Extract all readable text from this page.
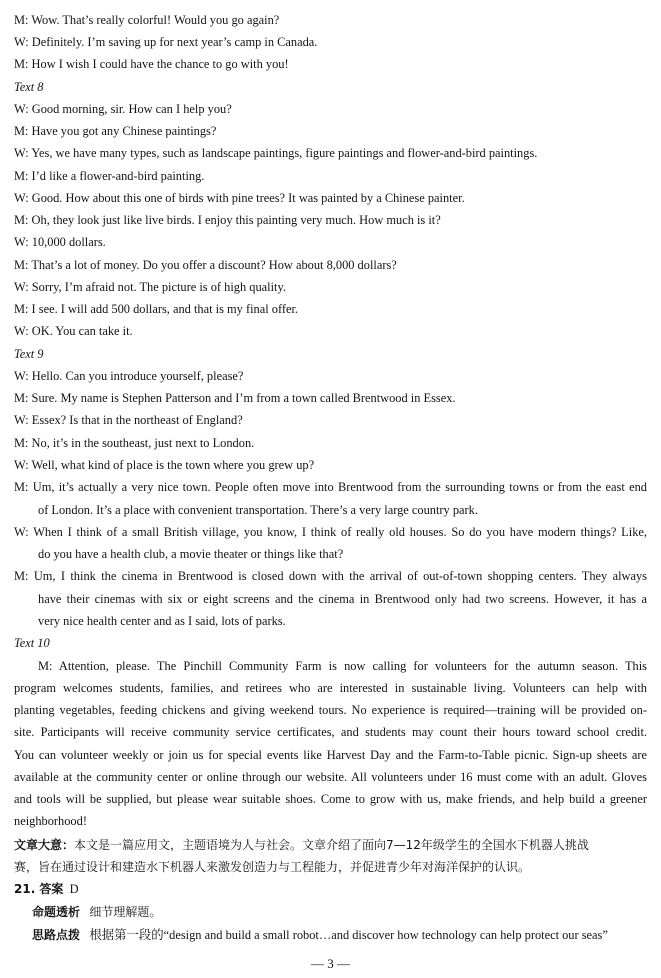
M: Wow. That’s really colorful! Would you go again?
W: Definitely. I’m saving up for next year’s camp in Canada.
M: How I wish I could have the chance to go with you!
Text 8
W: Good morning, sir. How can I help you?
M: Have you got any Chinese paintings?
W: Yes, we have many types, such as landscape paintings, figure paintings and flower-and-bird paintings.
M: I’d like a flower-and-bird painting.
W: Good. How about this one of birds with pine trees? It was painted by a Chinese painter.
M: Oh, they look just like live birds. I enjoy this painting very much. How much is it?
W: 10,000 dollars.
M: That’s a lot of money. Do you offer a discount? How about 8,000 dollars?
W: Sorry, I’m afraid not. The picture is of high quality.
M: I see. I will add 500 dollars, and that is my final offer.
W: OK. You can take it.
Text 9
W: Hello. Can you introduce yourself, please?
M: Sure. My name is Stephen Patterson and I’m from a town called Brentwood in Essex.
W: Essex? Is that in the northeast of England?
M: No, it’s in the southeast, just next to London.
W: Well, what kind of place is the town where you grew up?
M: Um, it’s actually a very nice town. People often move into Brentwood from the surrounding towns or from the east end
of London. It’s a place with convenient transportation. There’s a very large country park.
W: When I think of a small British village, you know, I think of really old houses. So do you have modern things? Like,
do you have a health club, a movie theater or things like that?
M: Um, I think the cinema in Brentwood is closed down with the arrival of out-of-town shopping centers. They always
have their cinemas with six or eight screens and the cinema in Brentwood only had two screens. However, it has a
very nice health center and as I said, lots of parks.
Text 10
M: Attention, please. The Pinchill Community Farm is now calling for volunteers for the autumn season. This
program welcomes students, families, and retirees who are interested in sustainable living. Volunteers can help with
planting vegetables, feeding chickens and giving weekend tours. No experience is required—training will be provided on-
site. Participants will receive community service certificates, and students may count their hours toward school credit.
You can volunteer weekly or join us for special events like Harvest Day and the Farm-to-Table picnic. Sign-up sheets are
available at the community center or online through our website. All volunteers under 16 must come with an adult. Gloves
and tools will be supplied, but please wear suitable shoes. Come to grow with us, make friends, and help build a greener
neighborhood!
文章大意：本文是一篇应用文，主题语境为人与社会。文章介绍了面向7—12年级学生的全国水下机器人挑战
赛，旨在通过设计和建造水下机器人来激发创造力与工程能力，并促进青少年对海洋保护的认识。
21. 答案 D
命题透析 细节理解题。
思路点拨 根据第一段的“design and build a small robot…and discover how technology can help protect our seas”
— 3 —
